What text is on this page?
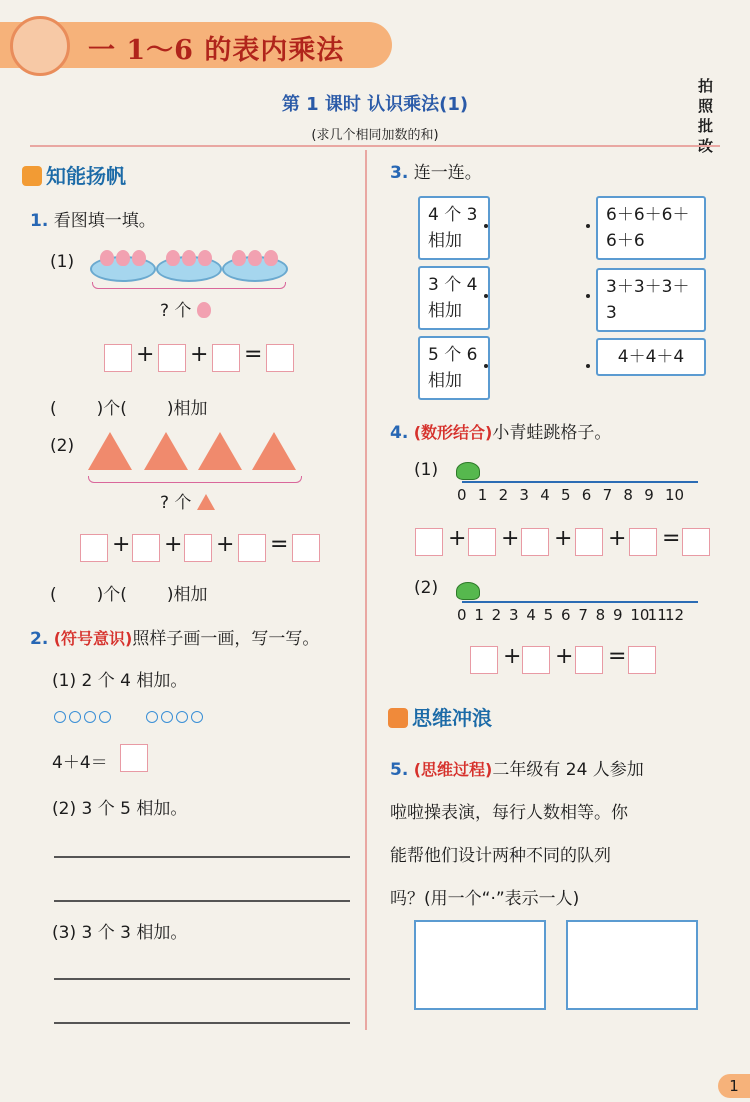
一 1～6 的表内乘法
第 1 课时 认识乘法(1)
(求几个相同加数的和)
拍照批改
知能扬帆
1. 看图填一填。
(1)
? 个
+ + =
( )个( )相加
(2)
? 个
+ + + =
( )个( )相加
2. (符号意识)照样子画一画，写一写。
(1) 2 个 4 相加。

4＋4＝
(2) 3 个 5 相加。
(3) 3 个 3 相加。
3. 连一连。
4 个 3
相加
3 个 4
相加
5 个 6
相加
6＋6＋6＋
6＋6
3＋3＋3＋3
4＋4＋4
4. (数形结合)小青蛙跳格子。
(1)
0 1 2 3 4 5 6 7 8 9 10
+ + + + =
(2)
0 1 2 3 4 5 6 7 8 9 10
11
12
+ + =
思维冲浪
5. (思维过程)二年级有 24 人参加
啦啦操表演，每行人数相等。你
能帮他们设计两种不同的队列
吗？(用一个“·”表示一人)
1
